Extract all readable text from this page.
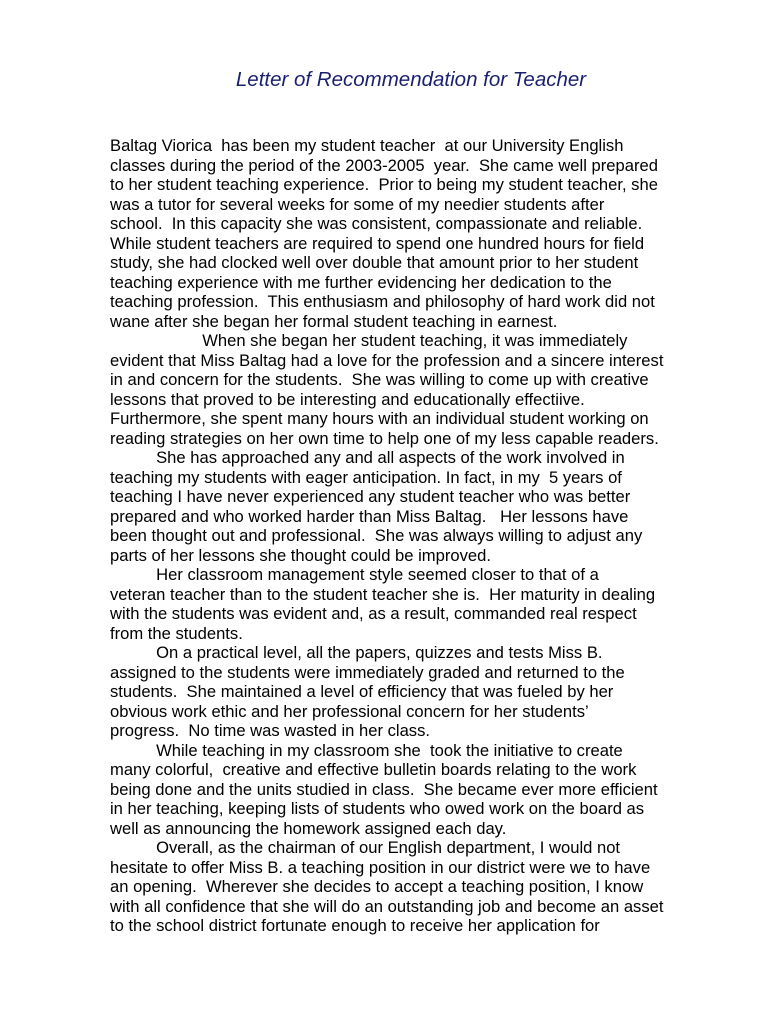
Letter of Recommendation for Teacher
Baltag Viorica  has been my student teacher  at our University English
classes during the period of the 2003-2005  year.  She came well prepared
to her student teaching experience.  Prior to being my student teacher, she
was a tutor for several weeks for some of my needier students after
school.  In this capacity she was consistent, compassionate and reliable.
While student teachers are required to spend one hundred hours for field
study, she had clocked well over double that amount prior to her student
teaching experience with me further evidencing her dedication to the
teaching profession.  This enthusiasm and philosophy of hard work did not
wane after she began her formal student teaching in earnest.
When she began her student teaching, it was immediately
evident that Miss Baltag had a love for the profession and a sincere interest
in and concern for the students.  She was willing to come up with creative
lessons that proved to be interesting and educationally effectiive.
Furthermore, she spent many hours with an individual student working on
reading strategies on her own time to help one of my less capable readers.
She has approached any and all aspects of the work involved in
teaching my students with eager anticipation. In fact, in my  5 years of
teaching I have never experienced any student teacher who was better
prepared and who worked harder than Miss Baltag.   Her lessons have
been thought out and professional.  She was always willing to adjust any
parts of her lessons she thought could be improved.
Her classroom management style seemed closer to that of a
veteran teacher than to the student teacher she is.  Her maturity in dealing
with the students was evident and, as a result, commanded real respect
from the students.
On a practical level, all the papers, quizzes and tests Miss B.
assigned to the students were immediately graded and returned to the
students.  She maintained a level of efficiency that was fueled by her
obvious work ethic and her professional concern for her students’
progress.  No time was wasted in her class.
While teaching in my classroom she  took the initiative to create
many colorful,  creative and effective bulletin boards relating to the work
being done and the units studied in class.  She became ever more efficient
in her teaching, keeping lists of students who owed work on the board as
well as announcing the homework assigned each day.
Overall, as the chairman of our English department, I would not
hesitate to offer Miss B. a teaching position in our district were we to have
an opening.  Wherever she decides to accept a teaching position, I know
with all confidence that she will do an outstanding job and become an asset
to the school district fortunate enough to receive her application for
